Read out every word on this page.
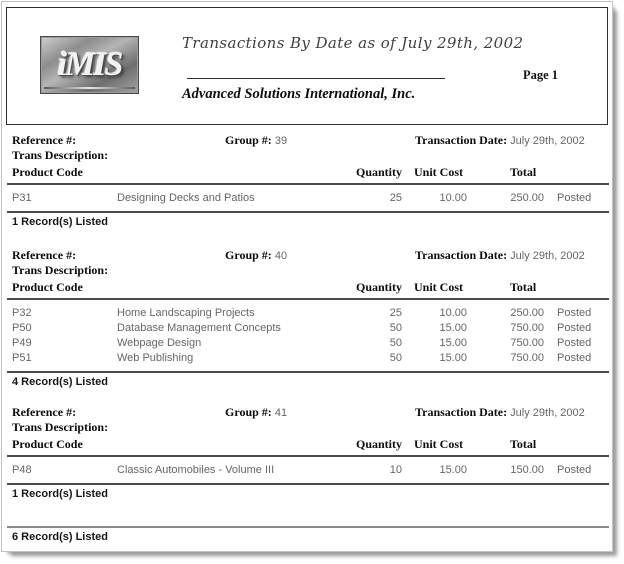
iMIS
Transactions By Date as of July 29th, 2002
Advanced Solutions International, Inc.
Page 1
Reference #:	Group #: 39	Transaction Date: July 29th, 2002
Trans Description:
Product Code	Quantity Unit Cost	Total
P31	Designing Decks and Patios	25	10.00	250.00 Posted
1 Record(s) Listed
Reference #:	Group #: 40	Transaction Date: July 29th, 2002
Trans Description:
Product Code	Quantity Unit Cost	Total
P32	Home Landscaping Projects	25	10.00	250.00 Posted
P50	Database Management Concepts	50	15.00	750.00 Posted
P49	Webpage Design	50	15.00	750.00 Posted
P51	Web Publishing	50	15.00	750.00 Posted
4 Record(s) Listed
Reference #:	Group #: 41	Transaction Date: July 29th, 2002
Trans Description:
Product Code	Quantity Unit Cost	Total
P48	Classic Automobiles - Volume III	10	15.00	150.00 Posted
1 Record(s) Listed
6 Record(s) Listed
